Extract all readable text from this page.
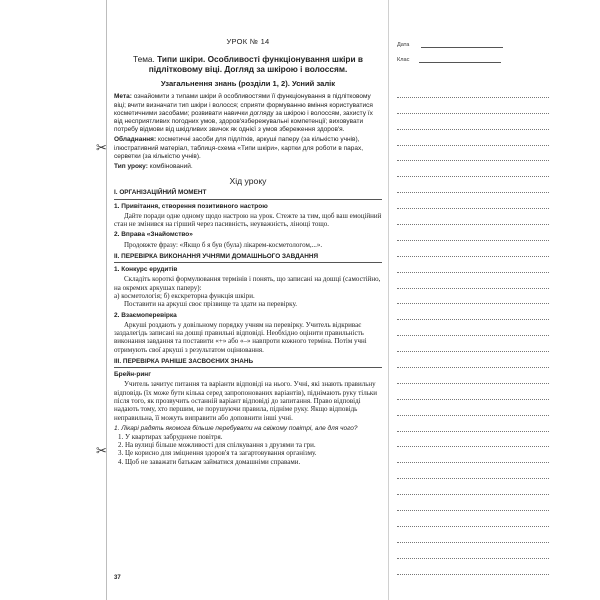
✂
✂
УРОК № 14
Тема. Типи шкіри. Особливості функціонування шкіри в підлітковому віці. Догляд за шкірою і волоссям.
Узагальнення знань (розділи 1, 2). Усний залік

Мета: ознайомити з типами шкіри й особливостями її функціонування в підлітковому віці; вчити визначати тип шкіри і волосся; сприяти формуванню вміння користуватися косметичними засобами; розвивати навички догляду за шкірою і волоссям, захисту їх від несприятливих погодних умов, здоров'язбережувальні компетенції; виховувати потребу відмови від шкідливих звичок як однієї з умов збереження здоров'я.

Обладнання: косметичні засоби для підлітків, аркуші паперу (за кількістю учнів), ілюстративний матеріал, таблиця-схема «Типи шкіри», картки для роботи в парах, серветки (за кількістю учнів).

Тип уроку: комбінований.

Хід уроку
I. ОРГАНІЗАЦІЙНИЙ МОМЕНТ
1. Привітання, створення позитивного настрою

Дайте поради одне одному щодо настрою на урок. Стежте за тим, щоб ваш емоційний стан не змінився на гірший через пасивність, неуважність, лінощі тощо.

2. Вправа «Знайомство»

Продовжте фразу: «Якщо б я був (була) лікарем-косметологом,...».

II. ПЕРЕВІРКА ВИКОНАННЯ УЧНЯМИ ДОМАШНЬОГО ЗАВДАННЯ
1. Конкурс ерудитів

Складіть короткі формулювання термінів і понять, що записані на дошці (самостійно, на окремих аркушах паперу):

а) косметологія; б) екскреторна функція шкіри.

Поставити на аркуші своє прізвище та здати на перевірку.

2. Взаємоперевірка

Аркуші роздають у довільному порядку учням на перевірку. Учитель відкриває заздалегідь записані на дошці правильні відповіді. Необхідно оцінити правильність виконання завдання та поставити «+» або «–» навпроти кожного терміна. Потім учні отримують свої аркуші з результатом оцінювання.

III. ПЕРЕВІРКА РАНІШЕ ЗАСВОЄНИХ ЗНАНЬ
Брейн-ринг

Учитель зачитує питання та варіанти відповіді на нього. Учні, які знають правильну відповідь (їх може бути кілька серед запропонованих варіантів), піднімають руку тільки після того, як прозвучить останній варіант відповіді до запитання. Право відповіді надають тому, хто першим, не порушуючи правила, підніме руку. Якщо відповідь неправильна, її можуть виправити або доповнити інші учні.

1. Лікарі радять якомога більше перебувати на свіжому повітрі, але для чого?

1. У квартирах забруднене повітря.

2. На вулиці більше можливості для спілкування з друзями та гри.

3. Це корисно для зміцнення здоров'я та загартовування організму.

4. Щоб не заважати батькам займатися домашніми справами.

37
Дата
Клас
